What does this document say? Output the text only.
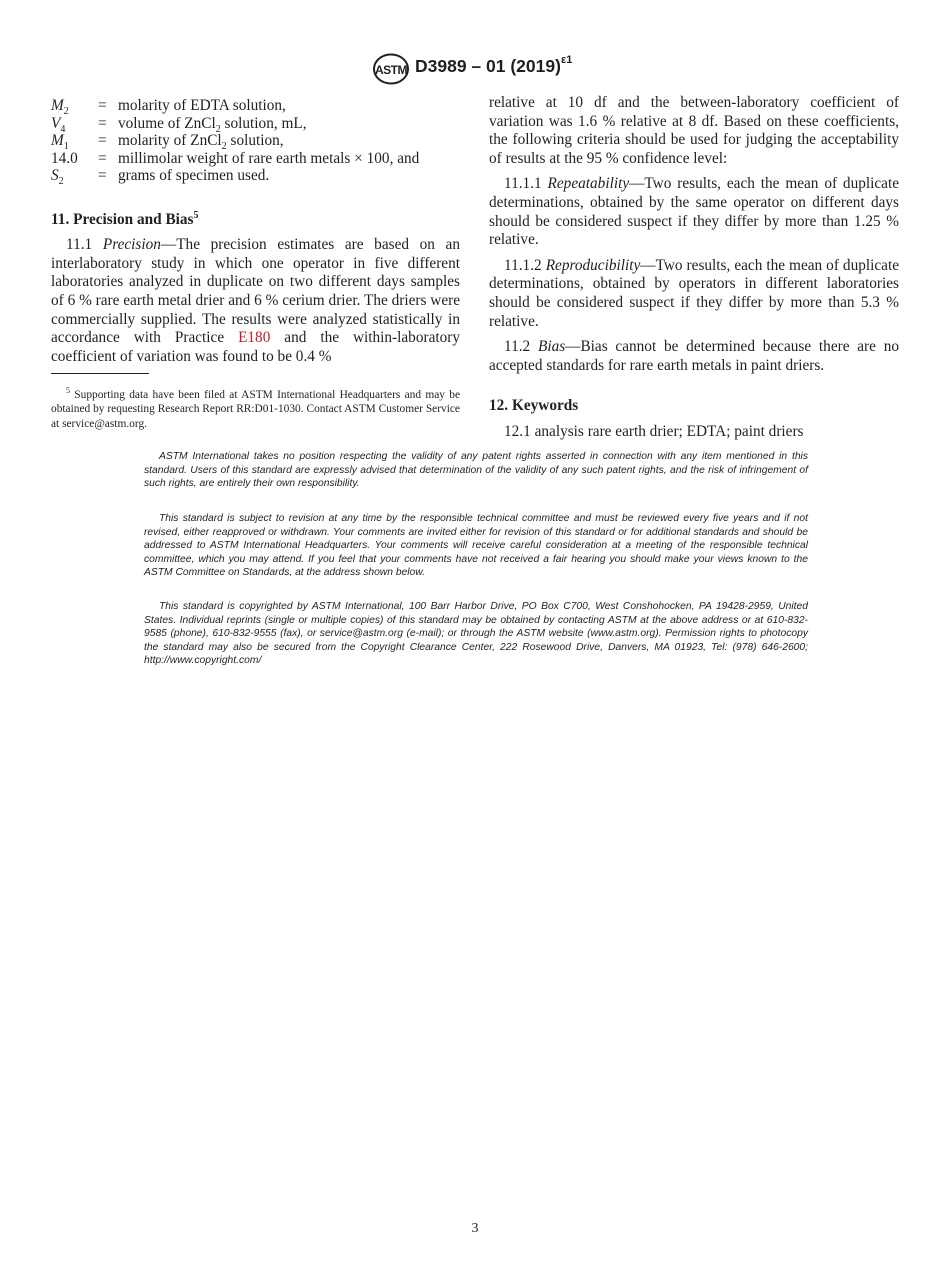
ASTM D3989 – 01 $(2019)^{\varepsilon 1}$
$M_2$	= molarity of EDTA solution,
$V_4$	= volume of ZnCl$_2$ solution, mL,
$M_1$	= molarity of ZnCl$_2$ solution,
14.0	= millimolar weight of rare earth metals × 100, and
$S_2$	= grams of specimen used.
11. Precision and Bias$^5$

11.1 Precision—The precision estimates are based on an interlaboratory study in which one operator in five different laboratories analyzed in duplicate on two different days samples of 6 % rare earth metal drier and 6 % cerium drier. The driers were commercially supplied. The results were analyzed statistically in accordance with Practice E180 and the within-laboratory coefficient of variation was found to be 0.4 %

$^5$ Supporting data have been filed at ASTM International Headquarters and may be obtained by requesting Research Report RR:D01-1030. Contact ASTM Customer Service at service@astm.org.

relative at 10 df and the between-laboratory coefficient of variation was 1.6 % relative at 8 df. Based on these coefficients, the following criteria should be used for judging the acceptability of results at the 95 % confidence level:

11.1.1 Repeatability—Two results, each the mean of duplicate determinations, obtained by the same operator on different days should be considered suspect if they differ by more than 1.25 % relative.

11.1.2 Reproducibility—Two results, each the mean of duplicate determinations, obtained by operators in different laboratories should be considered suspect if they differ by more than 5.3 % relative.

11.2 Bias—Bias cannot be determined because there are no accepted standards for rare earth metals in paint driers.

12. Keywords

12.1 analysis rare earth drier; EDTA; paint driers

ASTM International takes no position respecting the validity of any patent rights asserted in connection with any item mentioned in this standard. Users of this standard are expressly advised that determination of the validity of any such patent rights, and the risk of infringement of such rights, are entirely their own responsibility.
This standard is subject to revision at any time by the responsible technical committee and must be reviewed every five years and if not revised, either reapproved or withdrawn. Your comments are invited either for revision of this standard or for additional standards and should be addressed to ASTM International Headquarters. Your comments will receive careful consideration at a meeting of the responsible technical committee, which you may attend. If you feel that your comments have not received a fair hearing you should make your views known to the ASTM Committee on Standards, at the address shown below.
This standard is copyrighted by ASTM International, 100 Barr Harbor Drive, PO Box C700, West Conshohocken, PA 19428-2959, United States. Individual reprints (single or multiple copies) of this standard may be obtained by contacting ASTM at the above address or at 610-832-9585 (phone), 610-832-9555 (fax), or service@astm.org (e-mail); or through the ASTM website (www.astm.org). Permission rights to photocopy the standard may also be secured from the Copyright Clearance Center, 222 Rosewood Drive, Danvers, MA 01923, Tel: (978) 646-2600; http://www.copyright.com/
3
